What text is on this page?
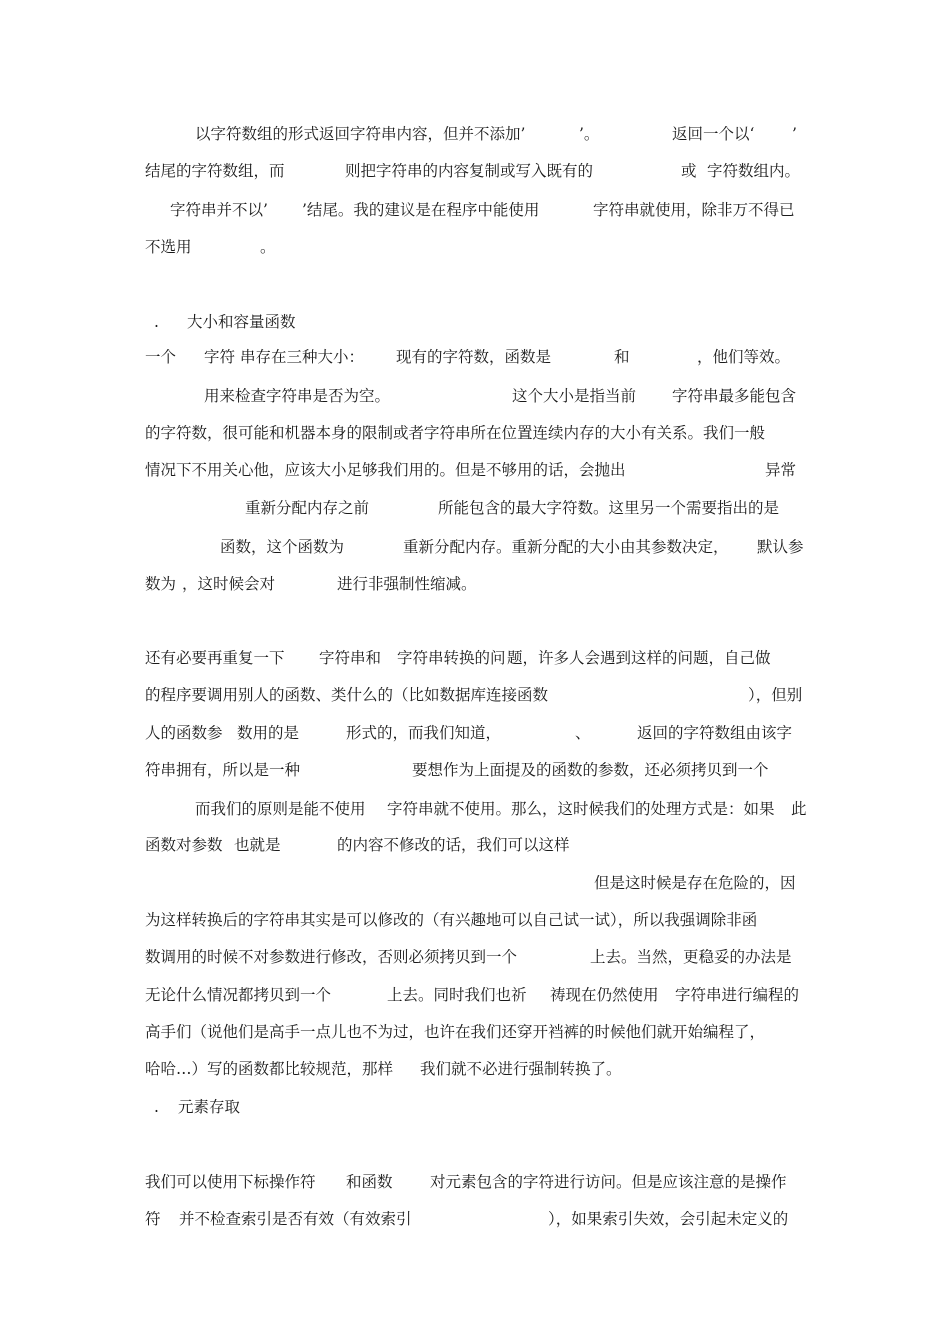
以字符数组的形式返回字符串内容，但并不添加’	’。	返回一个以‘ ’
结尾的字符数组，而	则把字符串的内容复制或写入既有的	或 字符数组内。
字符串并不以’ ’结尾。我的建议是在程序中能使用	字符串就使用，除非万不得已
不选用	。
. 大小和容量函数
一个 字符 串存在三种大小： 现有的字符数，函数是	和	，他们等效。
用来检查字符串是否为空。	这个大小是指当前 字符串最多能包含
的字符数，很可能和机器本身的限制或者字符串所在位置连续内存的大小有关系。我们一般
情况下不用关心他，应该大小足够我们用的。但是不够用的话，会抛出	异常
重新分配内存之前	所能包含的最大字符数。这里另一个需要指出的是
函数，这个函数为	重新分配内存。重新分配的大小由其参数决定， 默认参
数为 ，这时候会对	进行非强制性缩减。
还有必要再重复一下 字符串和 字符串转换的问 题，许多人会遇到这样的问题，自己做
的程序要调用别人的函数、类什么的（比如数据库连接函数	），但别
人的函数参 数用的是	形式的，而我们知道，	、	返回的字符数组由该字
符串拥有，所以是一种	要想作为上面提及的函数的参数，还必须拷贝到一个
而我们的原则是能不使用 字符串就不使用。那么，这时候我们的处理方式是：如果 此
函数对参数 也就是	的内容不修改的话，我们可以这样
但是这时候是存在危险的，因
为这样转换后的字符串其实是可以修改的（有兴趣地可以自己试一试），所以我强调除非函
数调用的时候不对参数进行修改，否则必须拷贝到一个	上去。当然，更稳妥的办法是
无论什么情况都拷贝到一个	上去。同时我们也祈 祷现在仍然使用 字符串进行编程的
高手们（说他们是高手一点儿也不为过，也许在我们还穿开裆裤的时候他们就开始编程了，
哈哈…）写的函数都比较规范，那样 我们就不必进行强制转换了。
. 元素存取
我们可以使用下标操作符 和函数 对元素包含的字符进行访问。但是应该注意的是操作
符 并不检查索引是否有效（有效索引	），如果索引失效，会引起未定义的
